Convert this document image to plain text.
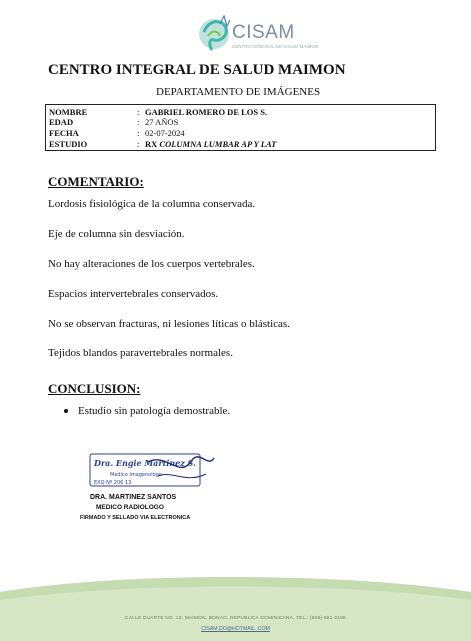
CISAM
CENTRO INTEGRAL DE SALUD MAIMON
CENTRO INTEGRAL DE SALUD MAIMON
DEPARTAMENTO DE IMÁGENES
NOMBRE	: GABRIEL ROMERO DE LOS S.
EDAD	: 27 AÑOS
FECHA	: 02-07-2024
ESTUDIO	: RX COLUMNA LUMBAR AP Y LAT
COMENTARIO:
Lordosis fisiológica de la columna conservada.
Eje de columna sin desviación.
No hay alteraciones de los cuerpos vertebrales.
Espacios intervertebrales conservados.
No se observan fracturas, ni lesiones líticas o blásticas.
Tejidos blandos paravertebrales normales.
CONCLUSION:
Estudio sin patología demostrable.
Dra. Engie Martinez S.
Medico Imagenologo
EXQ Nº 206 13
DRA. MARTINEZ SANTOS
MEDICO RADIOLOGO
FIRMADO Y SELLADO VIA ELECTRONICA
CALLE DUARTE NO. 13, MAIMÓN, BONAO, REPUBLICA DOMINICANA, TEL.: (809)-551-2186
CISAM.DO@HOTMAIL .COM
